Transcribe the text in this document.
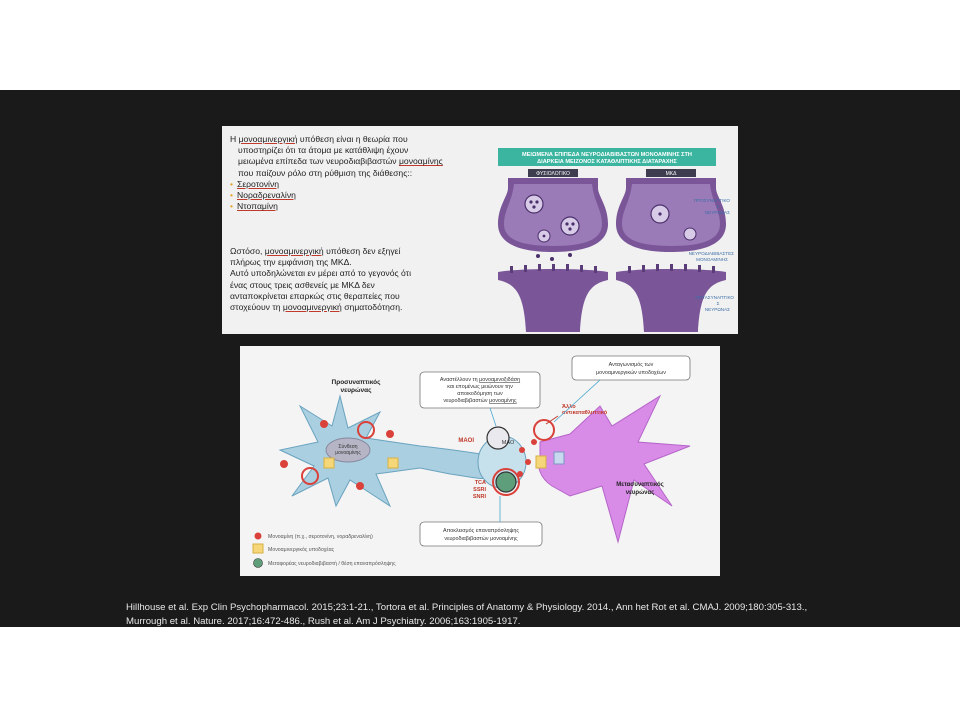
Η μονοαμινεργική υπόθεση είναι η θεωρία που
υποστηρίζει ότι τα άτομα με κατάθλιψη έχουν
μειωμένα επίπεδα των νευροδιαβιβαστών μονοαμίνης
που παίζουν ρόλο στη ρύθμιση της διάθεσης::
• Σεροτονίνη
• Νοραδρεναλίνη
• Ντοπαμίνη
Ωστόσο, μονοαμινεργική υπόθεση δεν εξηγεί
πλήρως την εμφάνιση της ΜΚΔ.
Αυτό υποδηλώνεται εν μέρει από το γεγονός ότι
ένας στους τρεις ασθενείς με ΜΚΔ δεν
ανταποκρίνεται επαρκώς στις θεραπείες που
στοχεύουν τη μονοαμινεργική σηματοδότηση.
ΜΕΙΩΜΕΝΑ ΕΠΙΠΕΔΑ ΝΕΥΡΟΔΙΑΒΙΒΑΣΤΩΝ ΜΟΝΟΑΜΙΝΗΣ ΣΤΗ
ΔΙΑΡΚΕΙΑ ΜΕΙΖΟΝΟΣ ΚΑΤΑΘΛΙΠΤΙΚΗΣ ΔΙΑΤΑΡΑΧΗΣ
ΦΥΣΙΟΛΟΓΙΚΟ	ΜΚΔ
ΠΡΟΣΥΝΑΠΤΙΚΟ
Σ
ΝΕΥΡΩΝΑΣ
ΝΕΥΡΟΔΙΑΒΙΒΑΣΤΕΣ
ΜΟΝΟΑΜΙΝΗΣ
ΜΕΤΑΣΥΝΑΠΤΙΚΟ
Σ
ΝΕΥΡΩΝΑΣ
Σύνθεση
μονοαμίνης
MAO
MAOI
TCA
SSRI
SNRI
Άλλο
αντικαταθλιπτικό
Προσυναπτικός
νευρώνας
Αναστέλλουν τη μονοαμινοξιδάση
και επομένως μειώνουν την
αποικοδόμηση των
νευροδιαβιβαστών μονοαμίνης
Ανταγωνισμός των
μονοαμινεργικών υποδοχέων
Μετασυναπτικός
νευρώνας
Αποκλεισμός επαναπρόσληψης
νευροδιαβιβαστών μονοαμίνης
Μονοαμίνη (π.χ., σεροτονίνη, νοραδρεναλίνη)
Μονοαμινεργικός υποδοχέας
Μεταφορέας νευροδιαβιβαστή / θέση επαναπρόσληψης
Hillhouse et al. Exp Clin Psychopharmacol. 2015;23:1-21., Tortora et al. Principles of Anatomy & Physiology. 2014., Ann het Rot et al. CMAJ. 2009;180:305-313.,
Murrough et al. Nature. 2017;16:472-486., Rush et al. Am J Psychiatry. 2006;163:1905-1917.
